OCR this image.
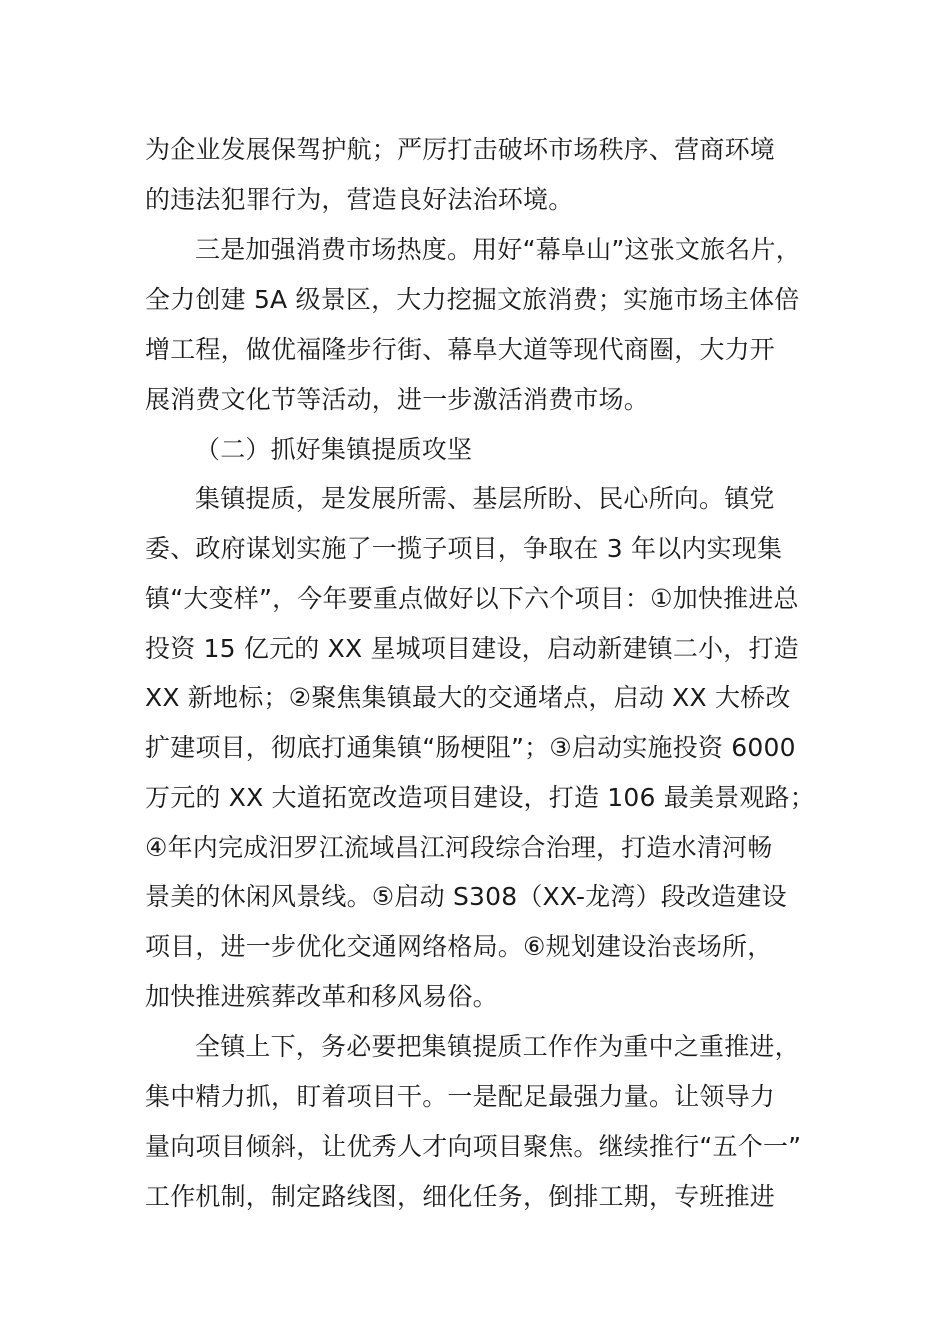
为企业发展保驾护航；严厉打击破坏市场秩序、营商环境

的违法犯罪行为，营造良好法治环境。

三是加强消费市场热度。用好“幕阜山”这张文旅名片，

全力创建 5A 级景区，大力挖掘文旅消费；实施市场主体倍

增工程，做优福隆步行街、幕阜大道等现代商圈，大力开

展消费文化节等活动，进一步激活消费市场。

（二）抓好集镇提质攻坚

集镇提质，是发展所需、基层所盼、民心所向。镇党

委、政府谋划实施了一揽子项目，争取在 3 年以内实现集

镇“大变样”，今年要重点做好以下六个项目：①加快推进总

投资 15 亿元的 XX 星城项目建设，启动新建镇二小，打造

XX 新地标；②聚焦集镇最大的交通堵点，启动 XX 大桥改

扩建项目，彻底打通集镇“肠梗阻”；③启动实施投资 6000

万元的 XX 大道拓宽改造项目建设，打造 106 最美景观路；

④年内完成汨罗江流域昌江河段综合治理，打造水清河畅

景美的休闲风景线。⑤启动 S308（XX-龙湾）段改造建设

项目，进一步优化交通网络格局。⑥规划建设治丧场所，

加快推进殡葬改革和移风易俗。

全镇上下，务必要把集镇提质工作作为重中之重推进，

集中精力抓，盯着项目干。一是配足最强力量。让领导力

量向项目倾斜，让优秀人才向项目聚焦。继续推行“五个一”

工作机制，制定路线图，细化任务，倒排工期，专班推进
